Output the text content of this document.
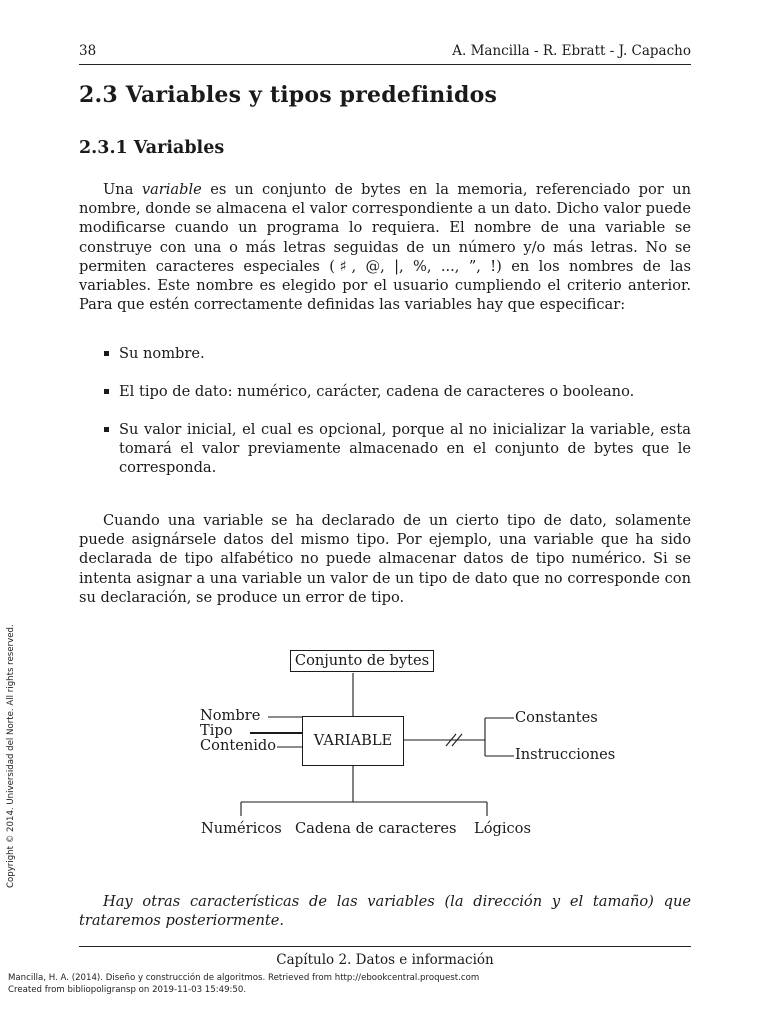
38	A. Mancilla - R. Ebratt - J. Capacho
2.3 Variables y tipos predefinidos
2.3.1 Variables

Una variable es un conjunto de bytes en la memoria, referenciado por un nombre, donde se almacena el valor correspondiente a un dato. Dicho valor puede modificarse cuando un programa lo requiera. El nombre de una variable se construye con una o más letras seguidas de un número y/o más letras. No se permiten caracteres especiales (♯, @, |, %, ..., ”, !) en los nombres de las variables. Este nombre es elegido por el usuario cumpliendo el criterio anterior. Para que estén correctamente definidas las variables hay que especificar:

Su nombre.
El tipo de dato: numérico, carácter, cadena de caracteres o booleano.
Su valor inicial, el cual es opcional, porque al no inicializar la variable, esta tomará el valor previamente almacenado en el conjunto de bytes que le corresponda.

Cuando una variable se ha declarado de un cierto tipo de dato, solamente puede asignársele datos del mismo tipo. Por ejemplo, una variable que ha sido declarada de tipo alfabético no puede almacenar datos de tipo numérico. Si se intenta asignar a una variable un valor de un tipo de dato que no corresponde con su declaración, se produce un error de tipo.

Conjunto de bytes
VARIABLE
Nombre
Tipo
Contenido
Constantes
Instrucciones
Numéricos Cadena de caracteres Lógicos

Hay otras características de las variables (la dirección y el tamaño) que trataremos posteriormente.

Capítulo 2. Datos e información
Mancilla, H. A. (2014). Diseño y construcción de algoritmos. Retrieved from http://ebookcentral.proquest.com
Created from bibliopoligransp on 2019-11-03 15:49:50.
Copyright © 2014. Universidad del Norte. All rights reserved.
